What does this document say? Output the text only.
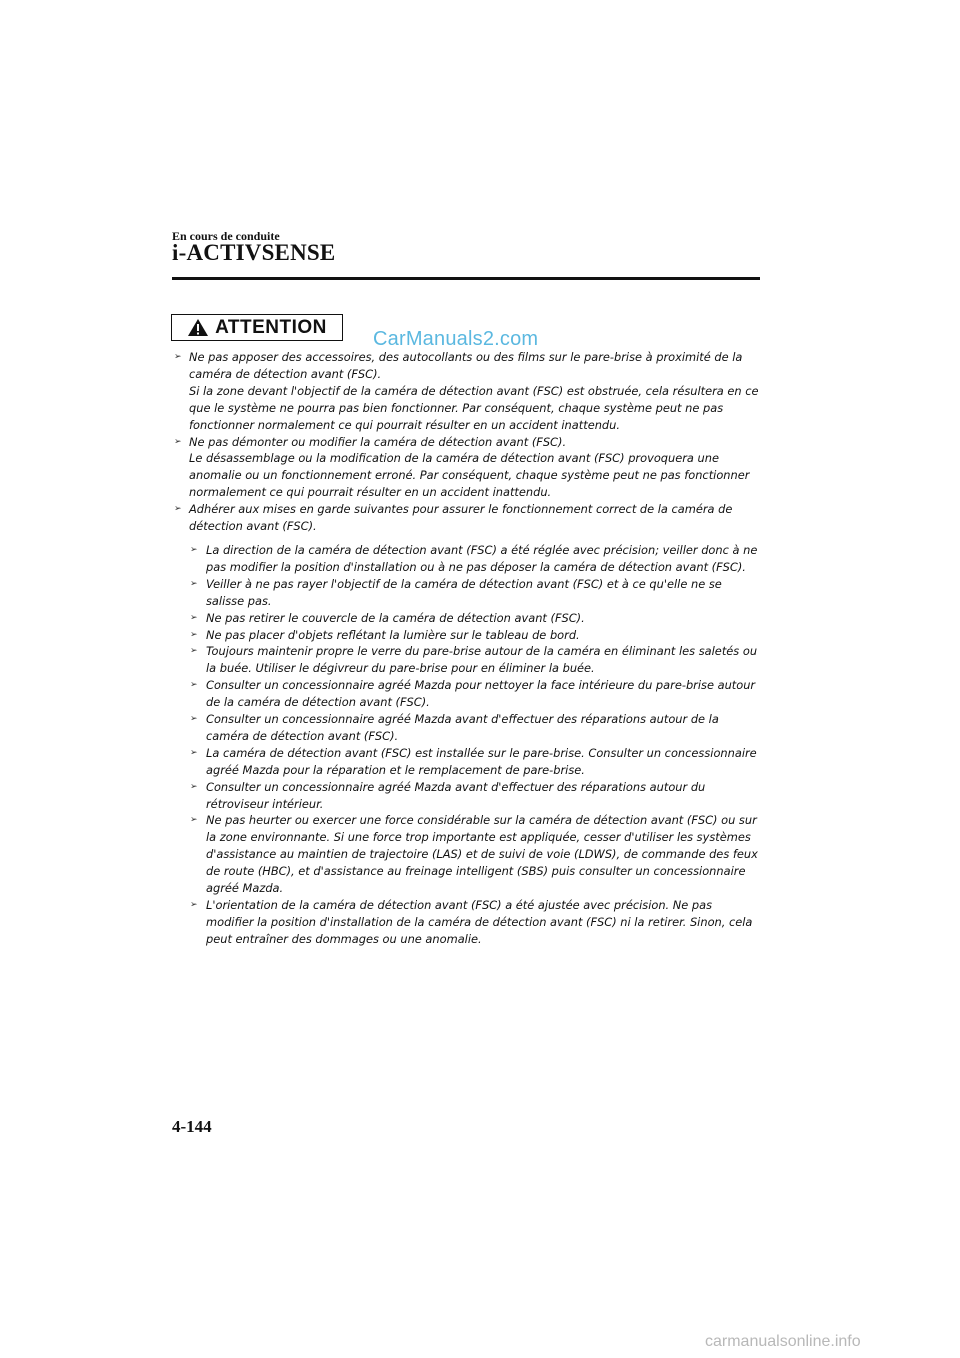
En cours de conduite
i-ACTIVSENSE
ATTENTION
CarManuals2.com
➢ Ne pas apposer des accessoires, des autocollants ou des films sur le pare-brise à proximité de la caméra de détection avant (FSC).
Si la zone devant l'objectif de la caméra de détection avant (FSC) est obstruée, cela résultera en ce que le système ne pourra pas bien fonctionner. Par conséquent, chaque système peut ne pas fonctionner normalement ce qui pourrait résulter en un accident inattendu.
➢ Ne pas démonter ou modifier la caméra de détection avant (FSC).
Le désassemblage ou la modification de la caméra de détection avant (FSC) provoquera une anomalie ou un fonctionnement erroné. Par conséquent, chaque système peut ne pas fonctionner normalement ce qui pourrait résulter en un accident inattendu.
➢ Adhérer aux mises en garde suivantes pour assurer le fonctionnement correct de la caméra de détection avant (FSC).
➢ La direction de la caméra de détection avant (FSC) a été réglée avec précision; veiller donc à ne pas modifier la position d'installation ou à ne pas déposer la caméra de détection avant (FSC).
➢ Veiller à ne pas rayer l'objectif de la caméra de détection avant (FSC) et à ce qu'elle ne se salisse pas.
➢ Ne pas retirer le couvercle de la caméra de détection avant (FSC).
➢ Ne pas placer d'objets reflétant la lumière sur le tableau de bord.
➢ Toujours maintenir propre le verre du pare-brise autour de la caméra en éliminant les saletés ou la buée. Utiliser le dégivreur du pare-brise pour en éliminer la buée.
➢ Consulter un concessionnaire agréé Mazda pour nettoyer la face intérieure du pare-brise autour de la caméra de détection avant (FSC).
➢ Consulter un concessionnaire agréé Mazda avant d'effectuer des réparations autour de la caméra de détection avant (FSC).
➢ La caméra de détection avant (FSC) est installée sur le pare-brise. Consulter un concessionnaire agréé Mazda pour la réparation et le remplacement de pare-brise.
➢ Consulter un concessionnaire agréé Mazda avant d'effectuer des réparations autour du rétroviseur intérieur.
➢ Ne pas heurter ou exercer une force considérable sur la caméra de détection avant (FSC) ou sur la zone environnante. Si une force trop importante est appliquée, cesser d'utiliser les systèmes d'assistance au maintien de trajectoire (LAS) et de suivi de voie (LDWS), de commande des feux de route (HBC), et d'assistance au freinage intelligent (SBS) puis consulter un concessionnaire agréé Mazda.
➢ L'orientation de la caméra de détection avant (FSC) a été ajustée avec précision. Ne pas modifier la position d'installation de la caméra de détection avant (FSC) ni la retirer. Sinon, cela peut entraîner des dommages ou une anomalie.
4-144
carmanualsonline.info
